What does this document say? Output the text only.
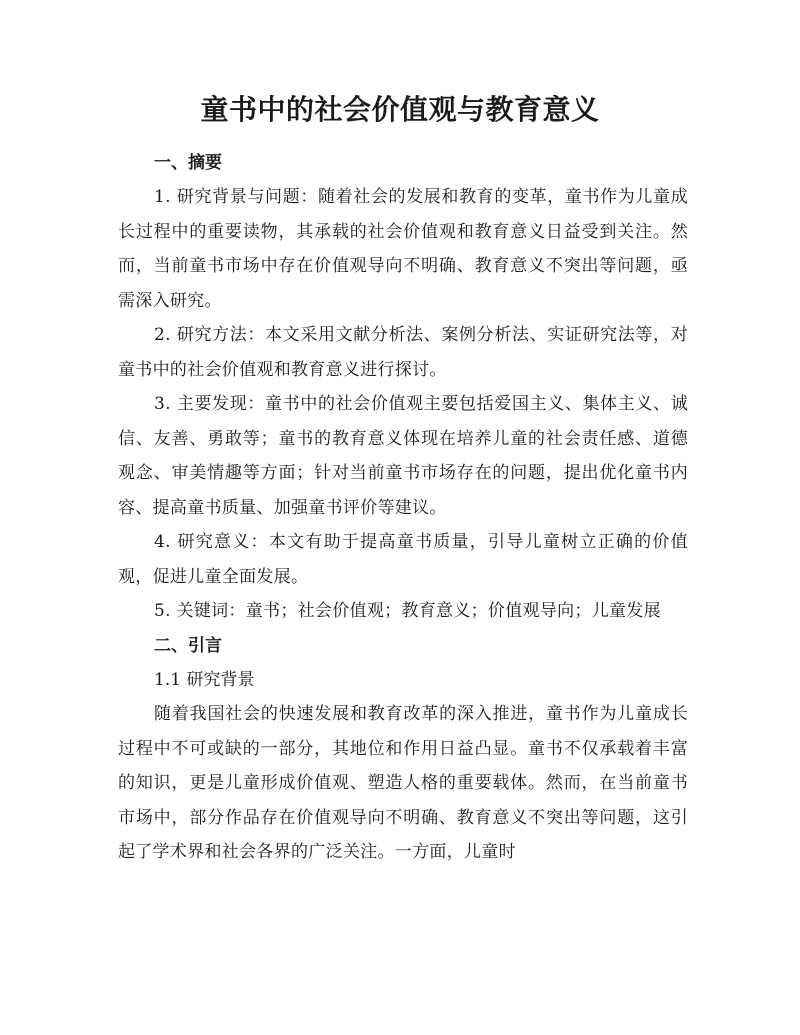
童书中的社会价值观与教育意义

一、摘要

1. 研究背景与问题：随着社会的发展和教育的变革，童书作为儿童成长过程中的重要读物，其承载的社会价值观和教育意义日益受到关注。然而，当前童书市场中存在价值观导向不明确、教育意义不突出等问题，亟需深入研究。

2. 研究方法：本文采用文献分析法、案例分析法、实证研究法等，对童书中的社会价值观和教育意义进行探讨。

3. 主要发现：童书中的社会价值观主要包括爱国主义、集体主义、诚信、友善、勇敢等；童书的教育意义体现在培养儿童的社会责任感、道德观念、审美情趣等方面；针对当前童书市场存在的问题，提出优化童书内容、提高童书质量、加强童书评价等建议。

4. 研究意义：本文有助于提高童书质量，引导儿童树立正确的价值观，促进儿童全面发展。

5. 关键词：童书；社会价值观；教育意义；价值观导向；儿童发展

二、引言

1.1 研究背景

随着我国社会的快速发展和教育改革的深入推进，童书作为儿童成长过程中不可或缺的一部分，其地位和作用日益凸显。童书不仅承载着丰富的知识，更是儿童形成价值观、塑造人格的重要载体。然而，在当前童书市场中，部分作品存在价值观导向不明确、教育意义不突出等问题，这引起了学术界和社会各界的广泛关注。一方面，儿童时
